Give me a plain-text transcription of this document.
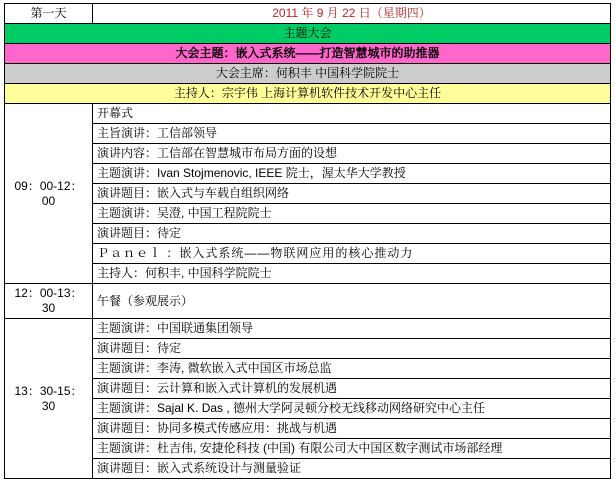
第一天	2011 年 9 月 22 日（星期四）
主题大会	
大会主题：嵌入式系统——打造智慧城市的助推器	
大会主席：何积丰 中国科学院院士	
主持人：宗宇伟 上海计算机软件技术开发中心主任	
09：00-12：00	开幕式
	主旨演讲：工信部领导
	演讲内容：工信部在智慧城市布局方面的设想
	主题演讲：Ivan Stojmenovic, IEEE 院士，渥太华大学教授
	演讲题目：嵌入式与车载自组织网络
	主题演讲：吴澄, 中国工程院院士
	演讲题目：待定
	Ｐａｎｅｌ ：嵌入式系统——物联网应用的核心推动力
	主持人：何积丰, 中国科学院院士
12：00-13：30	午餐（参观展示）
13：30-15：30	主题演讲：中国联通集团领导
	演讲题目：待定
	主题演讲：李涛, 微软嵌入式中国区市场总监
	演讲题目：云计算和嵌入式计算机的发展机遇
	主题演讲：Sajal K. Das , 德州大学阿灵顿分校无线移动网络研究中心主任
	演讲题目：协同多模式传感应用：挑战与机遇
	主题演讲：杜吉伟, 安捷伦科技 (中国) 有限公司大中国区数字测试市场部经理
	演讲题目：嵌入式系统设计与测量验证
